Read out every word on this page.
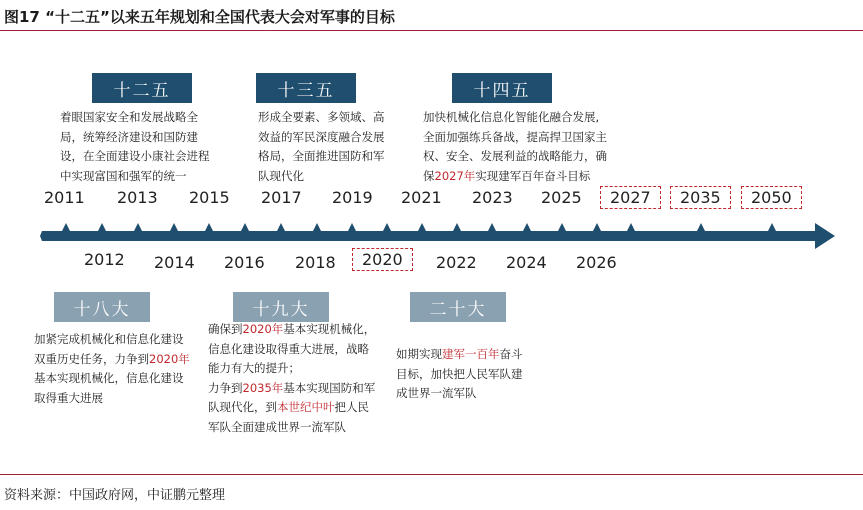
图17 “十二五”以来五年规划和全国代表大会对军事的目标
十二五	十三五	十四五
着眼国家安全和发展战略全
局，统筹经济建设和国防建
设，在全面建设小康社会进程
中实现富国和强军的统一
形成全要素、多领域、高
效益的军民深度融合发展
格局，全面推进国防和军
队现代化
加快机械化信息化智能化融合发展,
全面加强练兵备战，提高捍卫国家主
权、安全、发展利益的战略能力，确
保2027年实现建军百年奋斗目标
2011 2013 2015 2017 2019 2021 2023 2025	2027	2035	2050
2012 2014 2016 2018	2020	2022 2024 2026
十八大	十九大	二十大
加紧完成机械化和信息化建设
双重历史任务，力争到2020年
基本实现机械化，信息化建设
取得重大进展
确保到2020年基本实现机械化，
信息化建设取得重大进展，战略
能力有大的提升；
力争到2035年基本实现国防和军
队现代化，到本世纪中叶把人民
军队全面建成世界一流军队
如期实现建军一百年奋斗
目标，加快把人民军队建
成世界一流军队
资料来源：中国政府网，中证鹏元整理
